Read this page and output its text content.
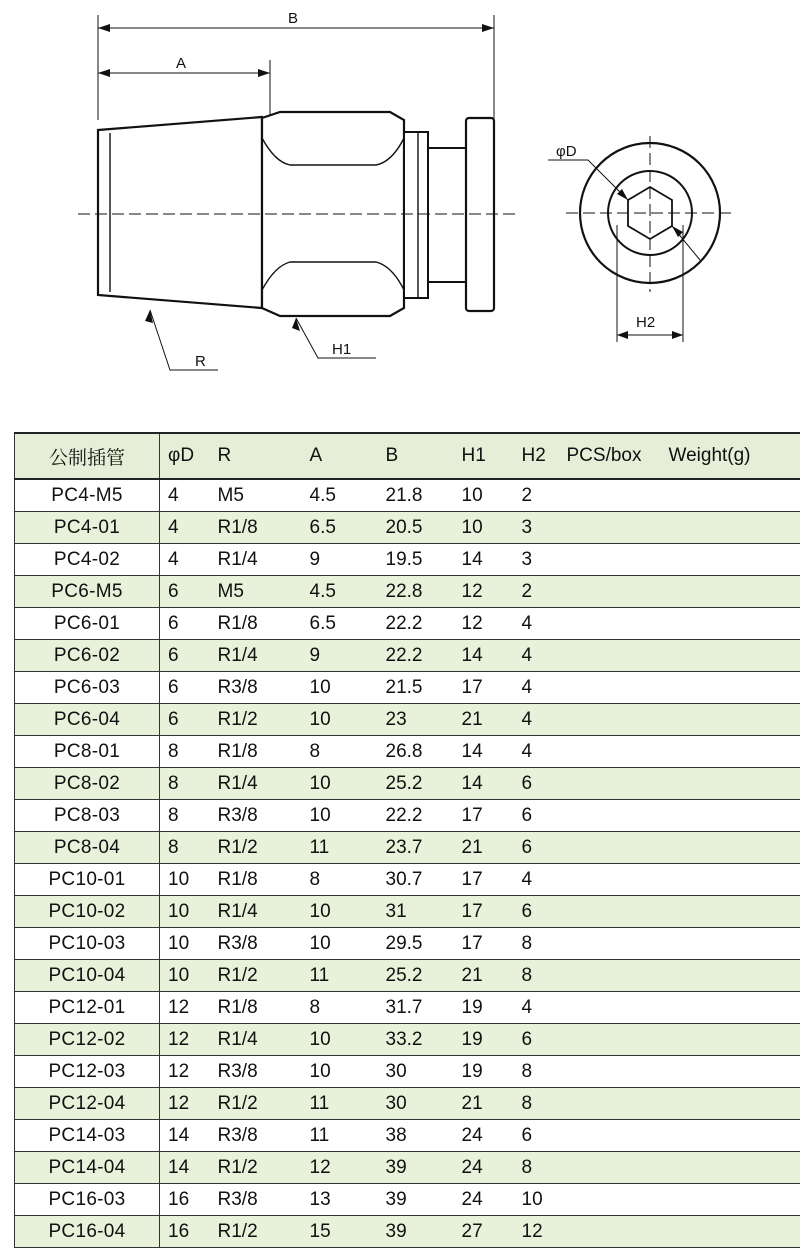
B
A
R
H1
φD
H2
公制插管	φD	R	A	B	H1	H2	PCS/box	Weight(g)
PC4-M5	4	M5	4.5	21.8	10	2		
PC4-01	4	R1/8	6.5	20.5	10	3		
PC4-02	4	R1/4	9	19.5	14	3		
PC6-M5	6	M5	4.5	22.8	12	2		
PC6-01	6	R1/8	6.5	22.2	12	4		
PC6-02	6	R1/4	9	22.2	14	4		
PC6-03	6	R3/8	10	21.5	17	4		
PC6-04	6	R1/2	10	23	21	4		
PC8-01	8	R1/8	8	26.8	14	4		
PC8-02	8	R1/4	10	25.2	14	6		
PC8-03	8	R3/8	10	22.2	17	6		
PC8-04	8	R1/2	11	23.7	21	6		
PC10-01	10	R1/8	8	30.7	17	4		
PC10-02	10	R1/4	10	31	17	6		
PC10-03	10	R3/8	10	29.5	17	8		
PC10-04	10	R1/2	11	25.2	21	8		
PC12-01	12	R1/8	8	31.7	19	4		
PC12-02	12	R1/4	10	33.2	19	6		
PC12-03	12	R3/8	10	30	19	8		
PC12-04	12	R1/2	11	30	21	8		
PC14-03	14	R3/8	11	38	24	6		
PC14-04	14	R1/2	12	39	24	8		
PC16-03	16	R3/8	13	39	24	10		
PC16-04	16	R1/2	15	39	27	12		
